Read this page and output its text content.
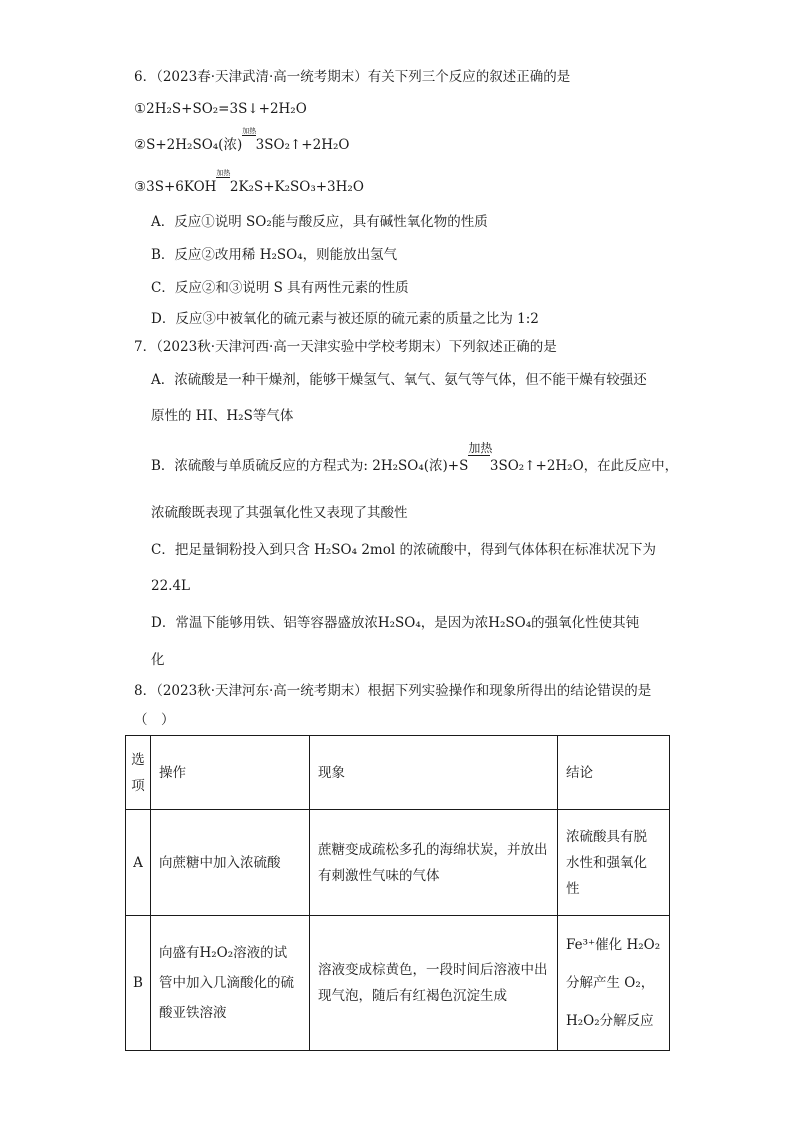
6．（2023春·天津武清·高一统考期末）有关下列三个反应的叙述正确的是
①2H₂S+SO₂=3S↓+2H₂O
②S+2H₂SO₄(浓)
加热
          3SO₂↑+2H₂O
③3S+6KOH
加热
          2K₂S+K₂SO₃+3H₂O
A．反应①说明 SO₂能与酸反应，具有碱性氧化物的性质
B．反应②改用稀 H₂SO₄，则能放出氢气
C．反应②和③说明 S 具有两性元素的性质
D．反应③中被氧化的硫元素与被还原的硫元素的质量之比为 1:2
7．（2023秋·天津河西·高一天津实验中学校考期末）下列叙述正确的是
A．浓硫酸是一种干燥剂，能够干燥氢气、氧气、氨气等气体，但不能干燥有较强还
原性的 HI、H₂S等气体
B．浓硫酸与单质硫反应的方程式为: 2H₂SO₄(浓)+S
加热
                3SO₂↑+2H₂O，在此反应中，
浓硫酸既表现了其强氧化性又表现了其酸性
C．把足量铜粉投入到只含 H₂SO₄ 2mol 的浓硫酸中，得到气体体积在标准状况下为
22.4L
D．常温下能够用铁、铝等容器盛放浓H₂SO₄，是因为浓H₂SO₄的强氧化性使其钝
化
8．（2023秋·天津河东·高一统考期末）根据下列实验操作和现象所得出的结论错误的是
（　）
选
项	操作	现象	结论
A	向蔗糖中加入浓硫酸	蔗糖变成疏松多孔的海绵状炭，并放出
有刺激性气味的气体	浓硫酸具有脱
水性和强氧化
性

B	向盛有H₂O₂溶液的试
管中加入几滴酸化的硫
酸亚铁溶液	溶液变成棕黄色，一段时间后溶液中出
现气泡，随后有红褐色沉淀生成	Fe³⁺催化 H₂O₂
分解产生 O₂，
H₂O₂分解反应
